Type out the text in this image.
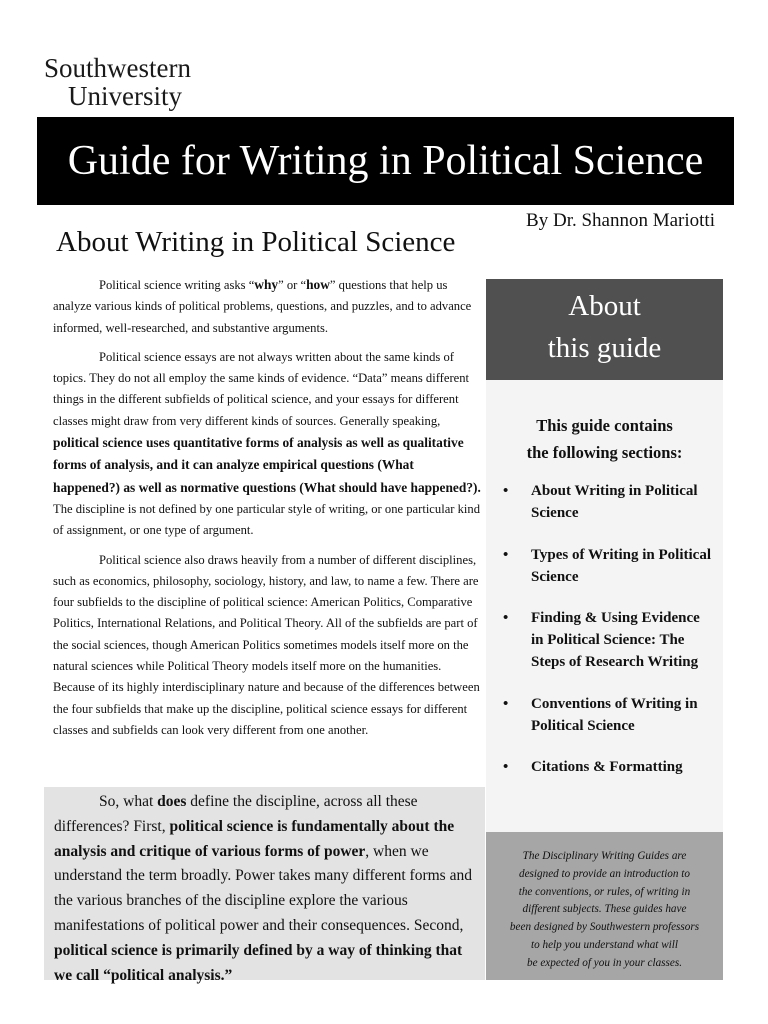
Southwestern
University
Guide for Writing in Political Science
By Dr. Shannon Mariotti
About Writing in Political Science

Political science writing asks “why” or “how” questions that help us analyze various kinds of political problems, questions, and puzzles, and to advance informed, well-researched, and substantive arguments.

Political science essays are not always written about the same kinds of topics. They do not all employ the same kinds of evidence. “Data” means different things in the different subfields of political science, and your essays for different classes might draw from very different kinds of sources. Generally speaking, political science uses quantitative forms of analysis as well as qualitative forms of analysis, and it can analyze empirical questions (What happened?) as well as normative questions (What should have happened?). The discipline is not defined by one particular style of writing, or one particular kind of assignment, or one type of argument.

Political science also draws heavily from a number of different disciplines, such as economics, philosophy, sociology, history, and law, to name a few. There are four subfields to the discipline of political science: American Politics, Comparative Politics, International Relations, and Political Theory. All of the subfields are part of the social sciences, though American Politics sometimes models itself more on the natural sciences while Political Theory models itself more on the humanities. Because of its highly interdisciplinary nature and because of the differences between the four subfields that make up the discipline, political science essays for different classes and subfields can look very different from one another.

So, what does define the discipline, across all these differences? First, political science is fundamentally about the analysis and critique of various forms of power, when we understand the term broadly. Power takes many different forms and the various branches of the discipline explore the various manifestations of political power and their consequences. Second, political science is primarily defined by a way of thinking that we call “political analysis.”

About
this guide
This guide contains
the following sections:
• About Writing in Political Science
• Types of Writing in Political Science
• Finding & Using Evidence in Political Science: The Steps of Research Writing
• Conventions of Writing in Political Science
• Citations & Formatting
The Disciplinary Writing Guides are
designed to provide an introduction to
the conventions, or rules, of writing in
different subjects. These guides have
been designed by Southwestern professors
to help you understand what will
be expected of you in your classes.
